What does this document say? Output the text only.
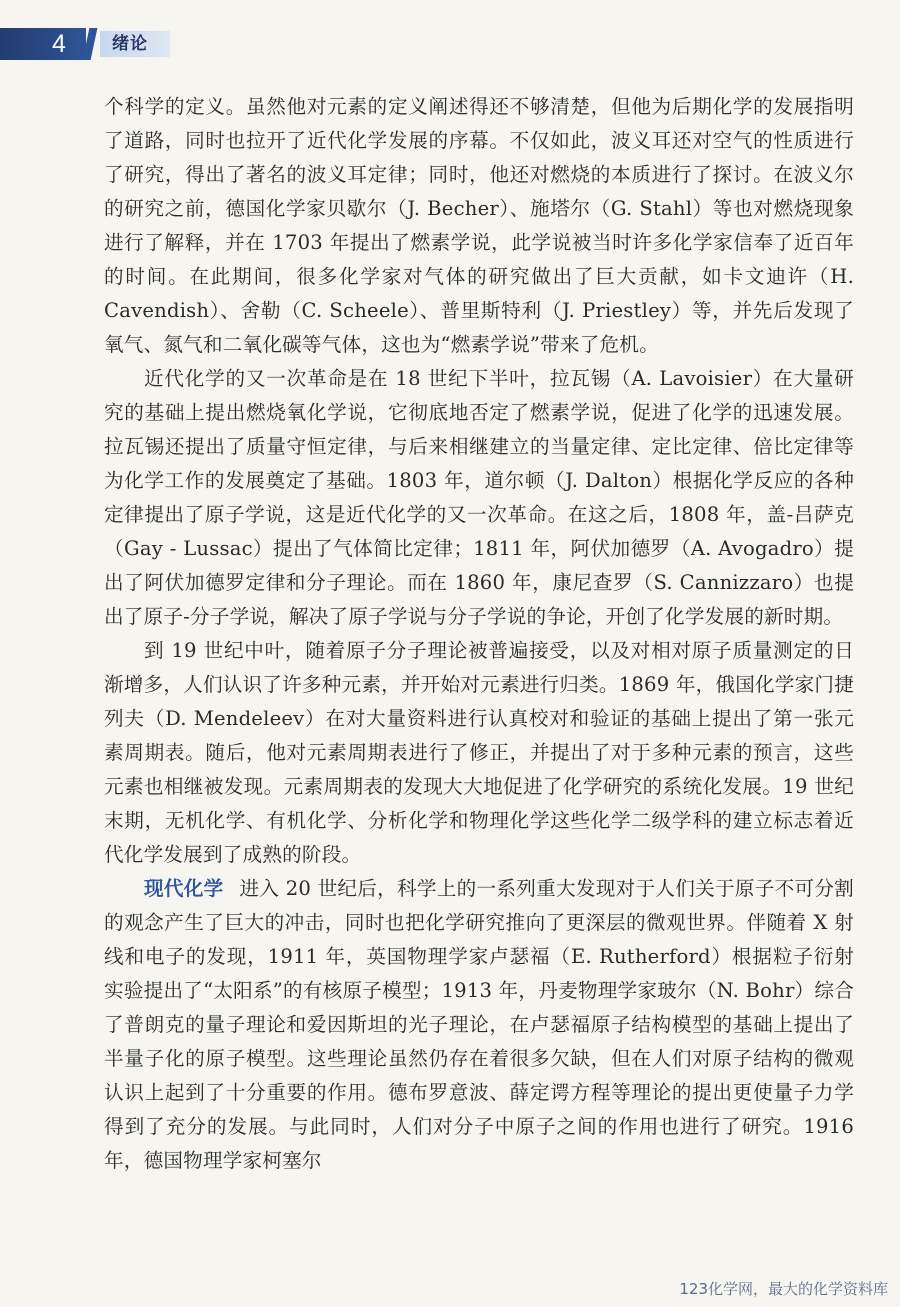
4	绪论

个科学的定义。虽然他对元素的定义阐述得还不够清楚，但他为后期化学的发展指明了道路，同时也拉开了近代化学发展的序幕。不仅如此，波义耳还对空气的性质进行了研究，得出了著名的波义耳定律；同时，他还对燃烧的本质进行了探讨。在波义尔的研究之前，德国化学家贝歇尔（J. Becher）、施塔尔（G. Stahl）等也对燃烧现象进行了解释，并在 1703 年提出了燃素学说，此学说被当时许多化学家信奉了近百年的时间。在此期间，很多化学家对气体的研究做出了巨大贡献，如卡文迪许（H. Cavendish）、舍勒（C. Scheele）、普里斯特利（J. Priestley）等，并先后发现了氧气、氮气和二氧化碳等气体，这也为“燃素学说”带来了危机。

近代化学的又一次革命是在 18 世纪下半叶，拉瓦锡（A. Lavoisier）在大量研究的基础上提出燃烧氧化学说，它彻底地否定了燃素学说，促进了化学的迅速发展。拉瓦锡还提出了质量守恒定律，与后来相继建立的当量定律、定比定律、倍比定律等为化学工作的发展奠定了基础。1803 年，道尔顿（J. Dalton）根据化学反应的各种定律提出了原子学说，这是近代化学的又一次革命。在这之后，1808 年，盖-吕萨克（Gay - Lussac）提出了气体简比定律；1811 年，阿伏加德罗（A. Avogadro）提出了阿伏加德罗定律和分子理论。而在 1860 年，康尼查罗（S. Cannizzaro）也提出了原子-分子学说，解决了原子学说与分子学说的争论，开创了化学发展的新时期。

到 19 世纪中叶，随着原子分子理论被普遍接受，以及对相对原子质量测定的日渐增多，人们认识了许多种元素，并开始对元素进行归类。1869 年，俄国化学家门捷列夫（D. Mendeleev）在对大量资料进行认真校对和验证的基础上提出了第一张元素周期表。随后，他对元素周期表进行了修正，并提出了对于多种元素的预言，这些元素也相继被发现。元素周期表的发现大大地促进了化学研究的系统化发展。19 世纪末期，无机化学、有机化学、分析化学和物理化学这些化学二级学科的建立标志着近代化学发展到了成熟的阶段。

现代化学 进入 20 世纪后，科学上的一系列重大发现对于人们关于原子不可分割的观念产生了巨大的冲击，同时也把化学研究推向了更深层的微观世界。伴随着 X 射线和电子的发现，1911 年，英国物理学家卢瑟福（E. Rutherford）根据粒子衍射实验提出了“太阳系”的有核原子模型；1913 年，丹麦物理学家玻尔（N. Bohr）综合了普朗克的量子理论和爱因斯坦的光子理论，在卢瑟福原子结构模型的基础上提出了半量子化的原子模型。这些理论虽然仍存在着很多欠缺，但在人们对原子结构的微观认识上起到了十分重要的作用。德布罗意波、薛定谔方程等理论的提出更使量子力学得到了充分的发展。与此同时，人们对分子中原子之间的作用也进行了研究。1916 年，德国物理学家柯塞尔

123化学网，最大的化学资料库
